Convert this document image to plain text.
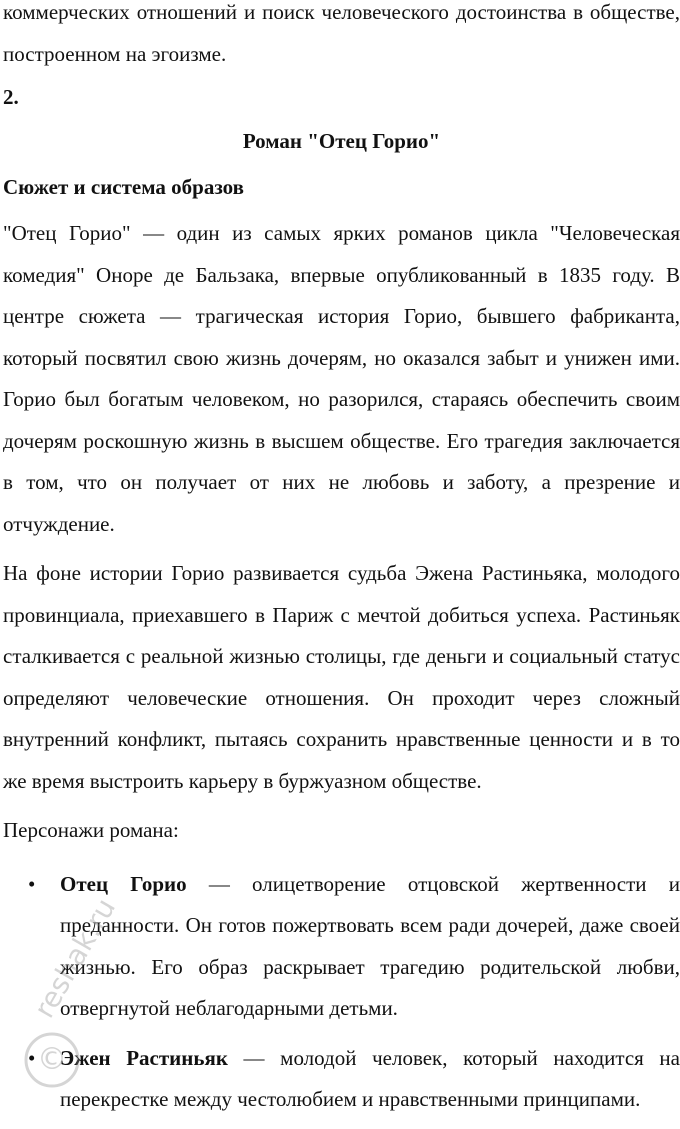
коммерческих отношений и поиск человеческого достоинства в обществе, построенном на эгоизме.

2.
Роман "Отец Горио"
Сюжет и система образов

"Отец Горио" — один из самых ярких романов цикла "Человеческая комедия" Оноре де Бальзака, впервые опубликованный в 1835 году. В центре сюжета — трагическая история Горио, бывшего фабриканта, который посвятил свою жизнь дочерям, но оказался забыт и унижен ими. Горио был богатым человеком, но разорился, стараясь обеспечить своим дочерям роскошную жизнь в высшем обществе. Его трагедия заключается в том, что он получает от них не любовь и заботу, а презрение и отчуждение.

На фоне истории Горио развивается судьба Эжена Растиньяка, молодого провинциала, приехавшего в Париж с мечтой добиться успеха. Растиньяк сталкивается с реальной жизнью столицы, где деньги и социальный статус определяют человеческие отношения. Он проходит через сложный внутренний конфликт, пытаясь сохранить нравственные ценности и в то же время выстроить карьеру в буржуазном обществе.

Персонажи романа:

• Отец Горио — олицетворение отцовской жертвенности и преданности. Он готов пожертвовать всем ради дочерей, даже своей жизнью. Его образ раскрывает трагедию родительской любви, отвергнутой неблагодарными детьми.

• Эжен Растиньяк — молодой человек, который находится на перекрестке между честолюбием и нравственными принципами.

©
reshak.ru
